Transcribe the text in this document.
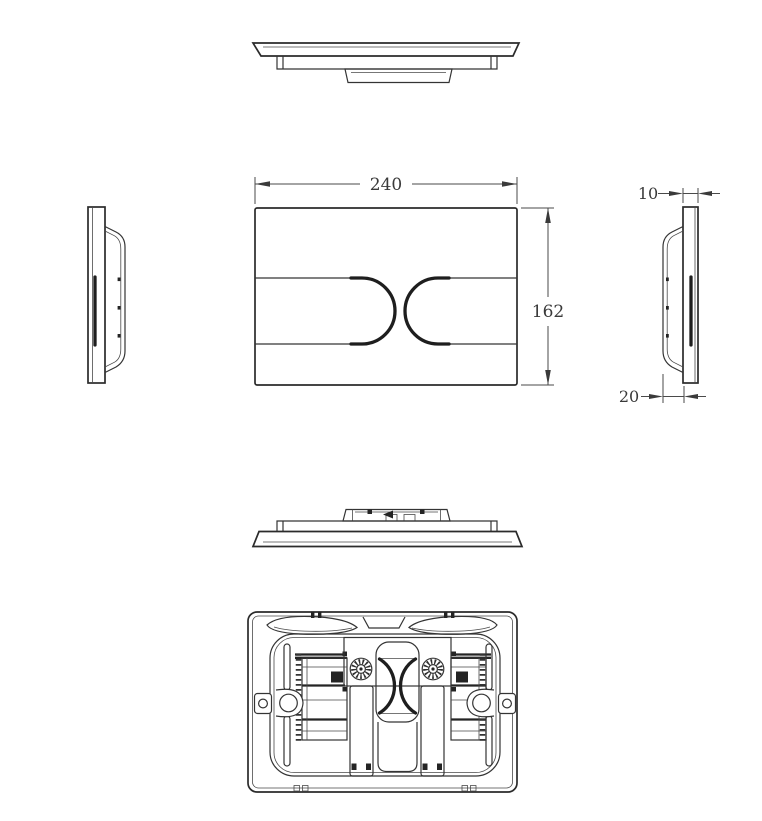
240
162
10
20
